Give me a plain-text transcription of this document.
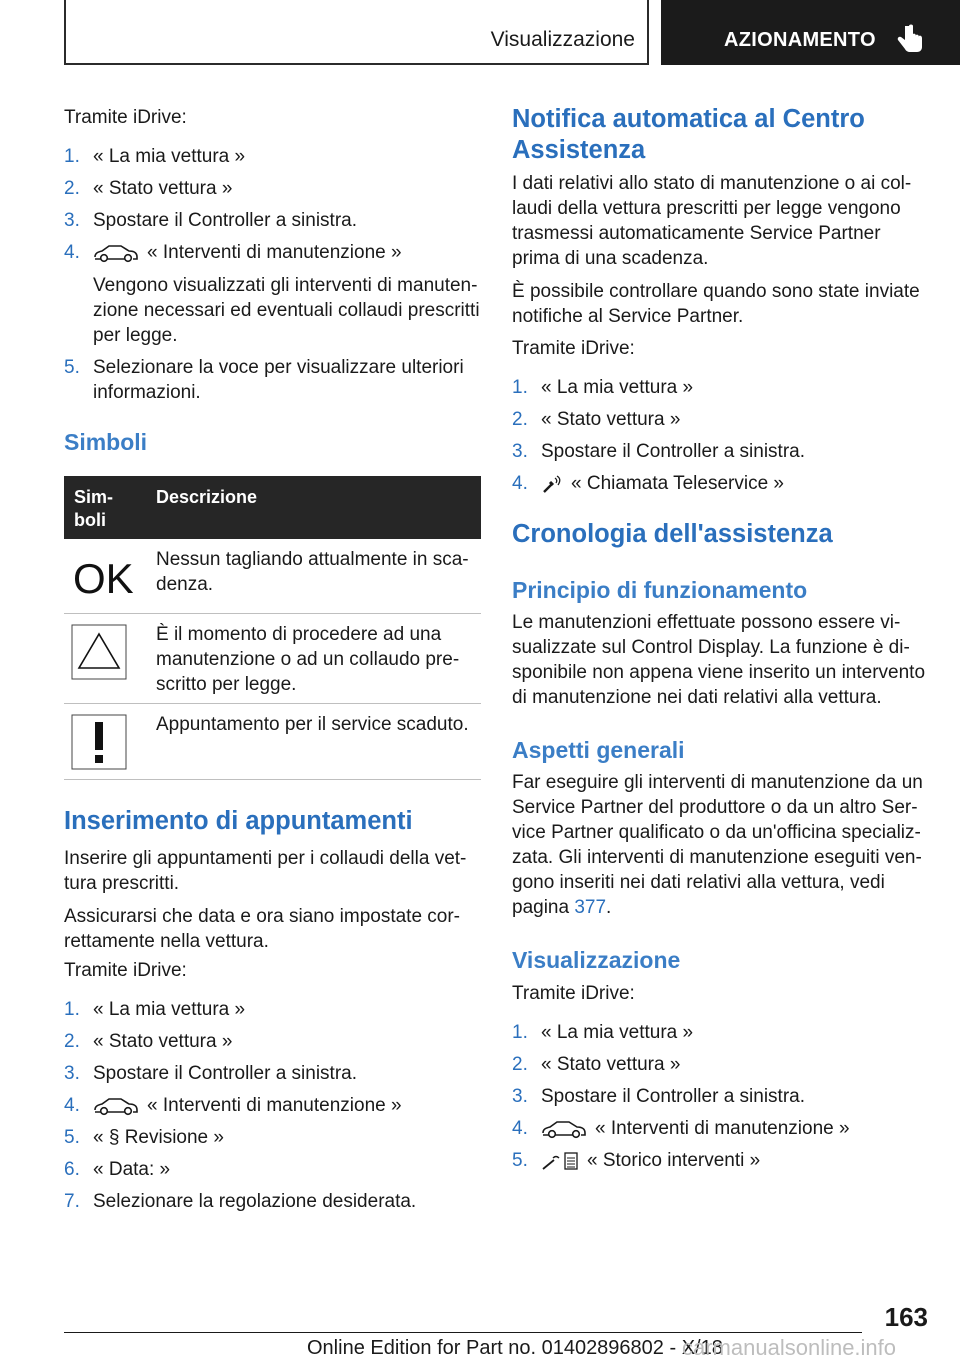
Visualizzazione	AZIONAMENTO
Tramite iDrive:
1. « La mia vettura »
2. « Stato vettura »
3. Spostare il Controller a sinistra.
4.	« Interventi di manutenzione »
Vengono visualizzati gli interventi di manuten-
zione necessari ed eventuali collaudi prescritti
per legge.
5. Selezionare la voce per visualizzare ulteriori
informazioni.
Simboli
Sim-
boli
Descrizione
OK Nessun tagliando attualmente in sca-
denza.
È il momento di procedere ad una
manutenzione o ad un collaudo pre-
scritto per legge.
Appuntamento per il service scaduto.
Inserimento di appuntamenti
Inserire gli appuntamenti per i collaudi della vet-
tura prescritti.
Assicurarsi che data e ora siano impostate cor-
rettamente nella vettura.
Tramite iDrive:
1. « La mia vettura »
2. « Stato vettura »
3. Spostare il Controller a sinistra.
4.	« Interventi di manutenzione »
5. « § Revisione »
6. « Data: »
7. Selezionare la regolazione desiderata.
Notifica automatica al Centro
Assistenza
I dati relativi allo stato di manutenzione o ai col-
laudi della vettura prescritti per legge vengono
trasmessi automaticamente Service Partner
prima di una scadenza.
È possibile controllare quando sono state inviate
notifiche al Service Partner.
Tramite iDrive:
1. « La mia vettura »
2. « Stato vettura »
3. Spostare il Controller a sinistra.
4.	« Chiamata Teleservice »
Cronologia dell'assistenza
Principio di funzionamento
Le manutenzioni effettuate possono essere vi-
sualizzate sul Control Display. La funzione è di-
sponibile non appena viene inserito un intervento
di manutenzione nei dati relativi alla vettura.
Aspetti generali
Far eseguire gli interventi di manutenzione da un
Service Partner del produttore o da un altro Ser-
vice Partner qualificato o da un'officina specializ-
zata. Gli interventi di manutenzione eseguiti ven-
gono inseriti nei dati relativi alla vettura, vedi
pagina 377.
Visualizzazione
Tramite iDrive:
1. « La mia vettura »
2. « Stato vettura »
3. Spostare il Controller a sinistra.
4.	« Interventi di manutenzione »
5.	« Storico interventi »
163
Online Edition for Part no. 01402896802 - X/18
carmanualsonline.info
